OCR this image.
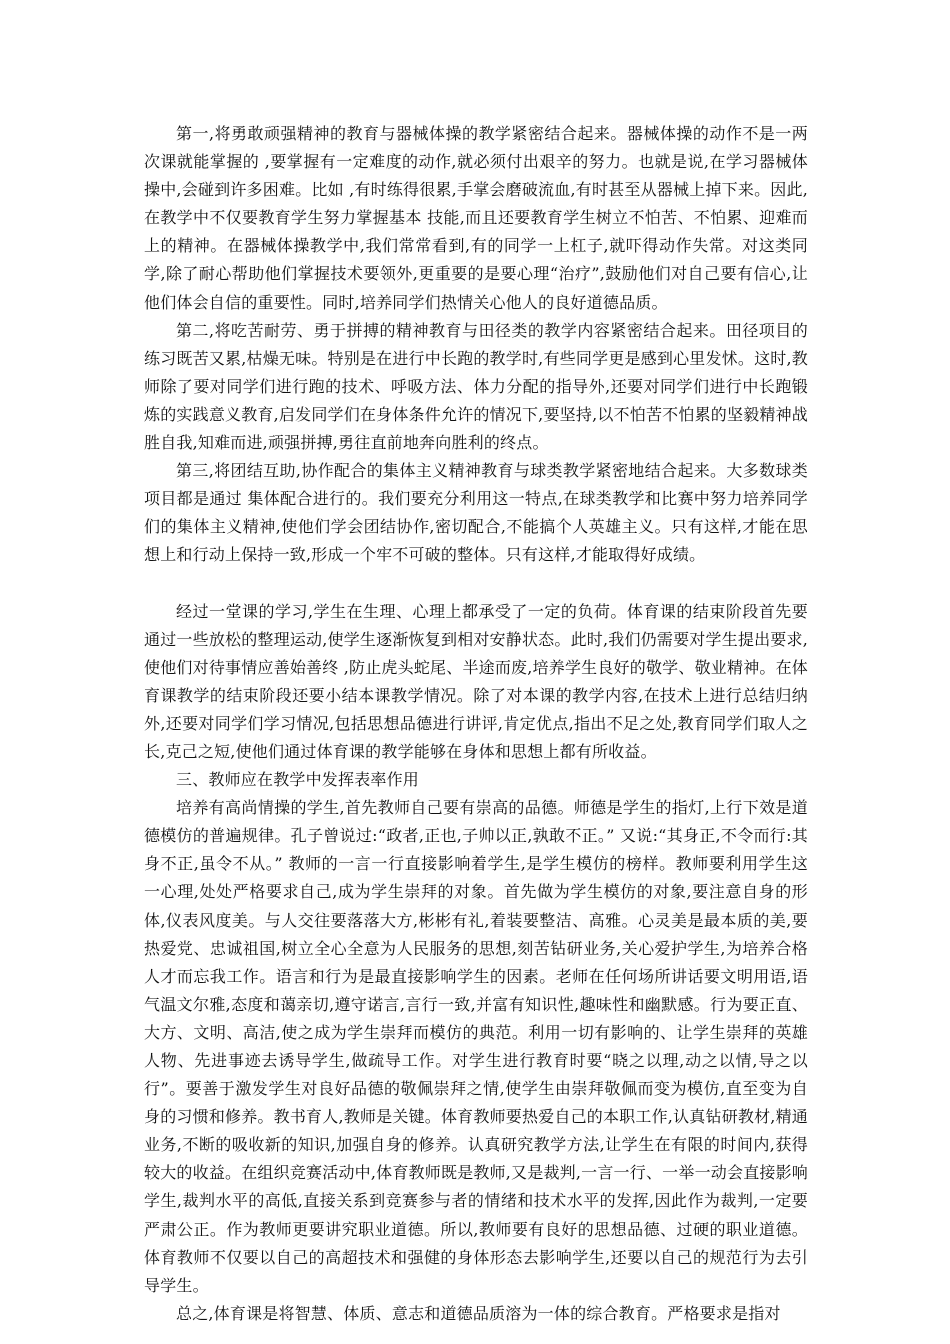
第一,将勇敢顽强精神的教育与器械体操的教学紧密结合起来。器械体操的动作不是一两次课就能掌握的 ,要掌握有一定难度的动作,就必须付出艰辛的努力。也就是说,在学习器械体操中,会碰到许多困难。比如 ,有时练得很累,手掌会磨破流血,有时甚至从器械上掉下来。因此,在教学中不仅要教育学生努力掌握基本 技能,而且还要教育学生树立不怕苦、不怕累、迎难而上的精神。在器械体操教学中,我们常常看到,有的同学一上杠子,就吓得动作失常。对这类同学,除了耐心帮助他们掌握技术要领外,更重要的是要心理“治疗”,鼓励他们对自己要有信心,让他们体会自信的重要性。同时,培养同学们热情关心他人的良好道德品质。

第二,将吃苦耐劳、勇于拼搏的精神教育与田径类的教学内容紧密结合起来。田径项目的练习既苦又累,枯燥无味。特别是在进行中长跑的教学时,有些同学更是感到心里发怵。这时,教师除了要对同学们进行跑的技术、呼吸方法、体力分配的指导外,还要对同学们进行中长跑锻炼的实践意义教育,启发同学们在身体条件允许的情况下,要坚持,以不怕苦不怕累的坚毅精神战胜自我,知难而进,顽强拼搏,勇往直前地奔向胜利的终点。

第三,将团结互助,协作配合的集体主义精神教育与球类教学紧密地结合起来。大多数球类项目都是通过 集体配合进行的。我们要充分利用这一特点,在球类教学和比赛中努力培养同学们的集体主义精神,使他们学会团结协作,密切配合,不能搞个人英雄主义。只有这样,才能在思想上和行动上保持一致,形成一个牢不可破的整体。只有这样,才能取得好成绩。

经过一堂课的学习,学生在生理、心理上都承受了一定的负荷。体育课的结束阶段首先要通过一些放松的整理运动,使学生逐渐恢复到相对安静状态。此时,我们仍需要对学生提出要求,使他们对待事情应善始善终 ,防止虎头蛇尾、半途而废,培养学生良好的敬学、敬业精神。在体育课教学的结束阶段还要小结本课教学情况。除了对本课的教学内容,在技术上进行总结归纳外,还要对同学们学习情况,包括思想品德进行讲评,肯定优点,指出不足之处,教育同学们取人之长,克己之短,使他们通过体育课的教学能够在身体和思想上都有所收益。

三、教师应在教学中发挥表率作用

培养有高尚情操的学生,首先教师自己要有崇高的品德。师德是学生的指灯,上行下效是道德模仿的普遍规律。孔子曾说过:“政者,正也,子帅以正,孰敢不正。” 又说:“其身正,不令而行:其身不正,虽令不从。” 教师的一言一行直接影响着学生,是学生模仿的榜样。教师要利用学生这一心理,处处严格要求自己,成为学生崇拜的对象。首先做为学生模仿的对象,要注意自身的形体,仪表风度美。与人交往要落落大方,彬彬有礼,着装要整洁、高雅。心灵美是最本质的美,要热爱党、忠诚祖国,树立全心全意为人民服务的思想,刻苦钻研业务,关心爱护学生,为培养合格人才而忘我工作。语言和行为是最直接影响学生的因素。老师在任何场所讲话要文明用语,语气温文尔雅,态度和蔼亲切,遵守诺言,言行一致,并富有知识性,趣味性和幽默感。行为要正直、大方、文明、高洁,使之成为学生崇拜而模仿的典范。利用一切有影响的、让学生崇拜的英雄人物、先进事迹去诱导学生,做疏导工作。对学生进行教育时要“晓之以理,动之以情,导之以行”。要善于激发学生对良好品德的敬佩崇拜之情,使学生由崇拜敬佩而变为模仿,直至变为自身的习惯和修养。教书育人,教师是关键。体育教师要热爱自己的本职工作,认真钻研教材,精通业务,不断的吸收新的知识,加强自身的修养。认真研究教学方法,让学生在有限的时间内,获得较大的收益。在组织竞赛活动中,体育教师既是教师,又是裁判,一言一行、一举一动会直接影响学生,裁判水平的高低,直接关系到竞赛参与者的情绪和技术水平的发挥,因此作为裁判,一定要严肃公正。作为教师更要讲究职业道德。所以,教师要有良好的思想品德、过硬的职业道德。体育教师不仅要以自己的高超技术和强健的身体形态去影响学生,还要以自己的规范行为去引导学生。

总之,体育课是将智慧、体质、意志和道德品质溶为一体的综合教育。严格要求是指对
